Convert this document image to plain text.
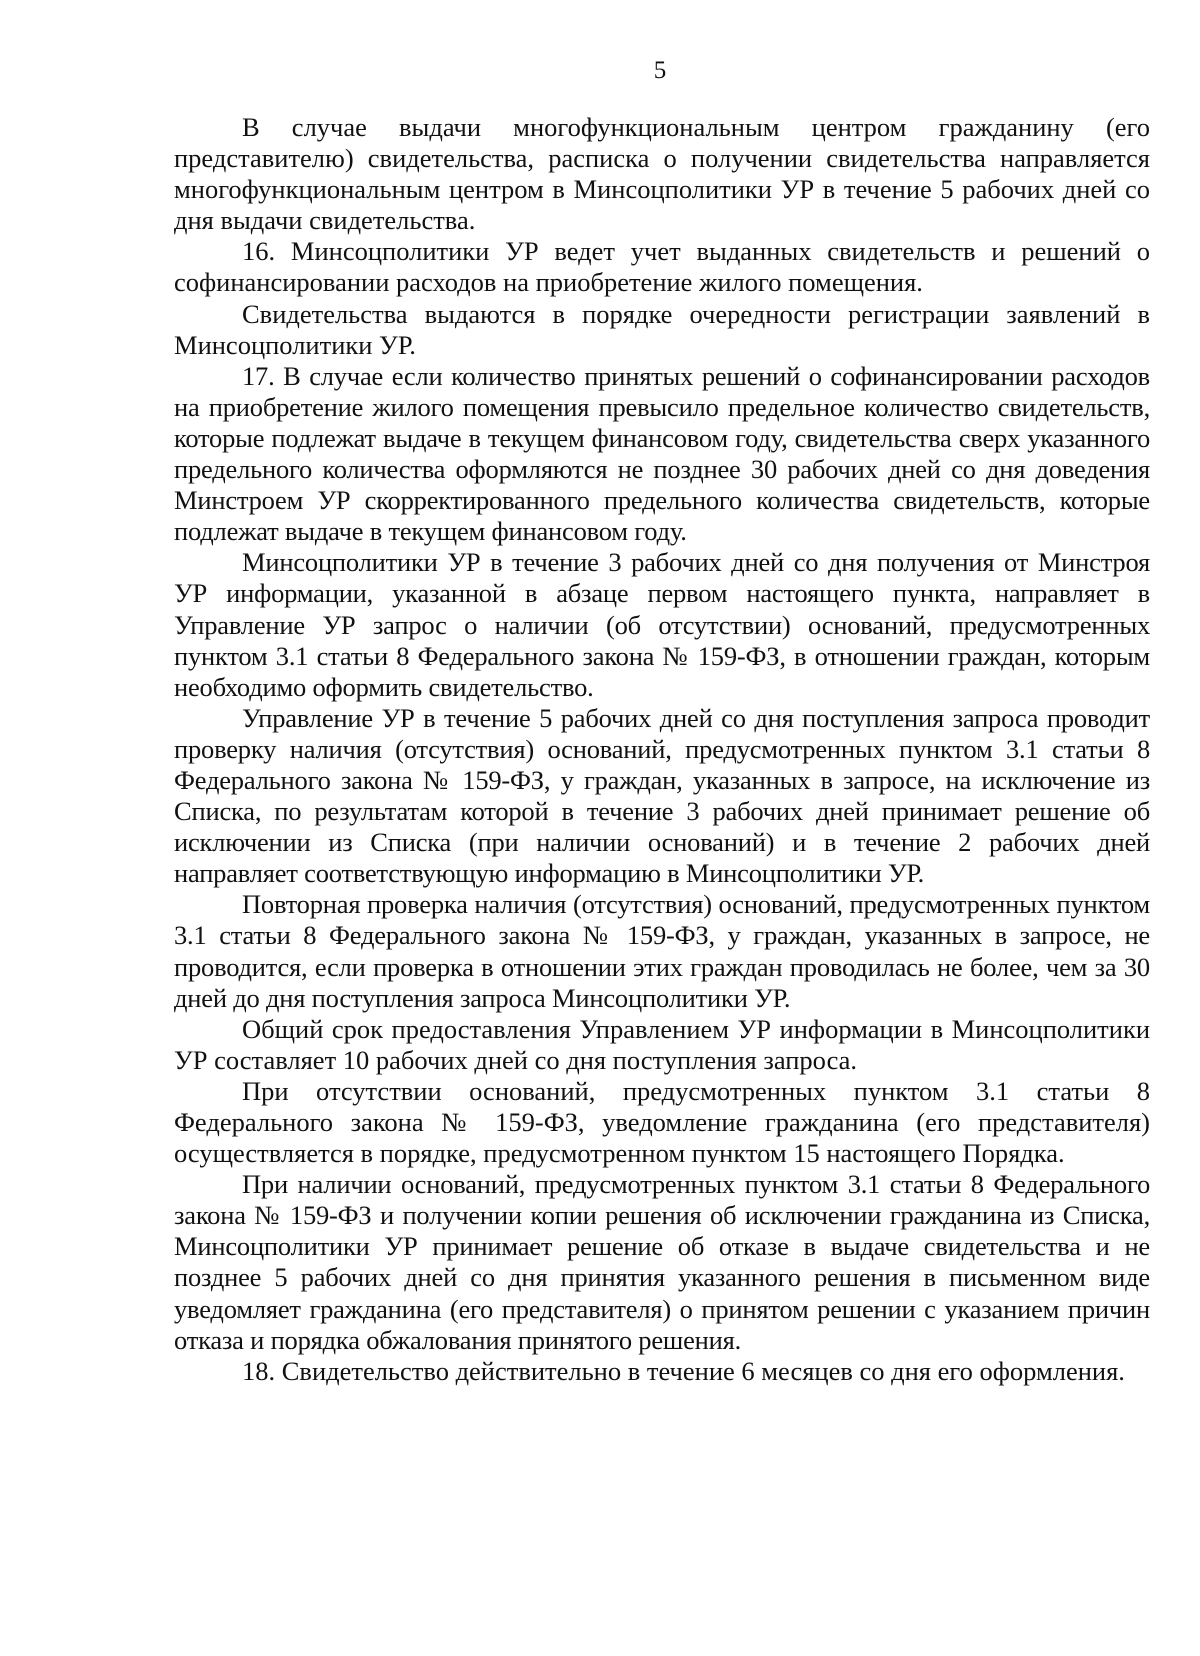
5

В случае выдачи многофункциональным центром гражданину (его представителю) свидетельства, расписка о получении свидетельства направляется многофункциональным центром в Минсоцполитики УР в течение 5 рабочих дней со дня выдачи свидетельства.

16. Минсоцполитики УР ведет учет выданных свидетельств и решений о софинансировании расходов на приобретение жилого помещения.

Свидетельства выдаются в порядке очередности регистрации заявлений в Минсоцполитики УР.

17. В случае если количество принятых решений о софинансировании расходов на приобретение жилого помещения превысило предельное количество свидетельств, которые подлежат выдаче в текущем финансовом году, свидетельства сверх указанного предельного количества оформляются не позднее 30 рабочих дней со дня доведения Минстроем УР скорректированного предельного количества свидетельств, которые подлежат выдаче в текущем финансовом году.

Минсоцполитики УР в течение 3 рабочих дней со дня получения от Минстроя УР информации, указанной в абзаце первом настоящего пункта, направляет в Управление УР запрос о наличии (об отсутствии) оснований, предусмотренных пунктом 3.1 статьи 8 Федерального закона № 159-ФЗ, в отношении граждан, которым необходимо оформить свидетельство.

Управление УР в течение 5 рабочих дней со дня поступления запроса проводит проверку наличия (отсутствия) оснований, предусмотренных пунктом 3.1 статьи 8 Федерального закона № 159-ФЗ, у граждан, указанных в запросе, на исключение из Списка, по результатам которой в течение 3 рабочих дней принимает решение об исключении из Списка (при наличии оснований) и в течение 2 рабочих дней направляет соответствующую информацию в Минсоцполитики УР.

Повторная проверка наличия (отсутствия) оснований, предусмотренных пунктом 3.1 статьи 8 Федерального закона № 159-ФЗ, у граждан, указанных в запросе, не проводится, если проверка в отношении этих граждан проводилась не более, чем за 30 дней до дня поступления запроса Минсоцполитики УР.

Общий срок предоставления Управлением УР информации в Минсоцполитики УР составляет 10 рабочих дней со дня поступления запроса.

При отсутствии оснований, предусмотренных пунктом 3.1 статьи 8 Федерального закона № 159-ФЗ, уведомление гражданина (его представителя) осуществляется в порядке, предусмотренном пунктом 15 настоящего Порядка.

При наличии оснований, предусмотренных пунктом 3.1 статьи 8 Федерального закона № 159-ФЗ и получении копии решения об исключении гражданина из Списка, Минсоцполитики УР принимает решение об отказе в выдаче свидетельства и не позднее 5 рабочих дней со дня принятия указанного решения в письменном виде уведомляет гражданина (его представителя) о принятом решении с указанием причин отказа и порядка обжалования принятого решения.

18. Свидетельство действительно в течение 6 месяцев со дня его оформления.
